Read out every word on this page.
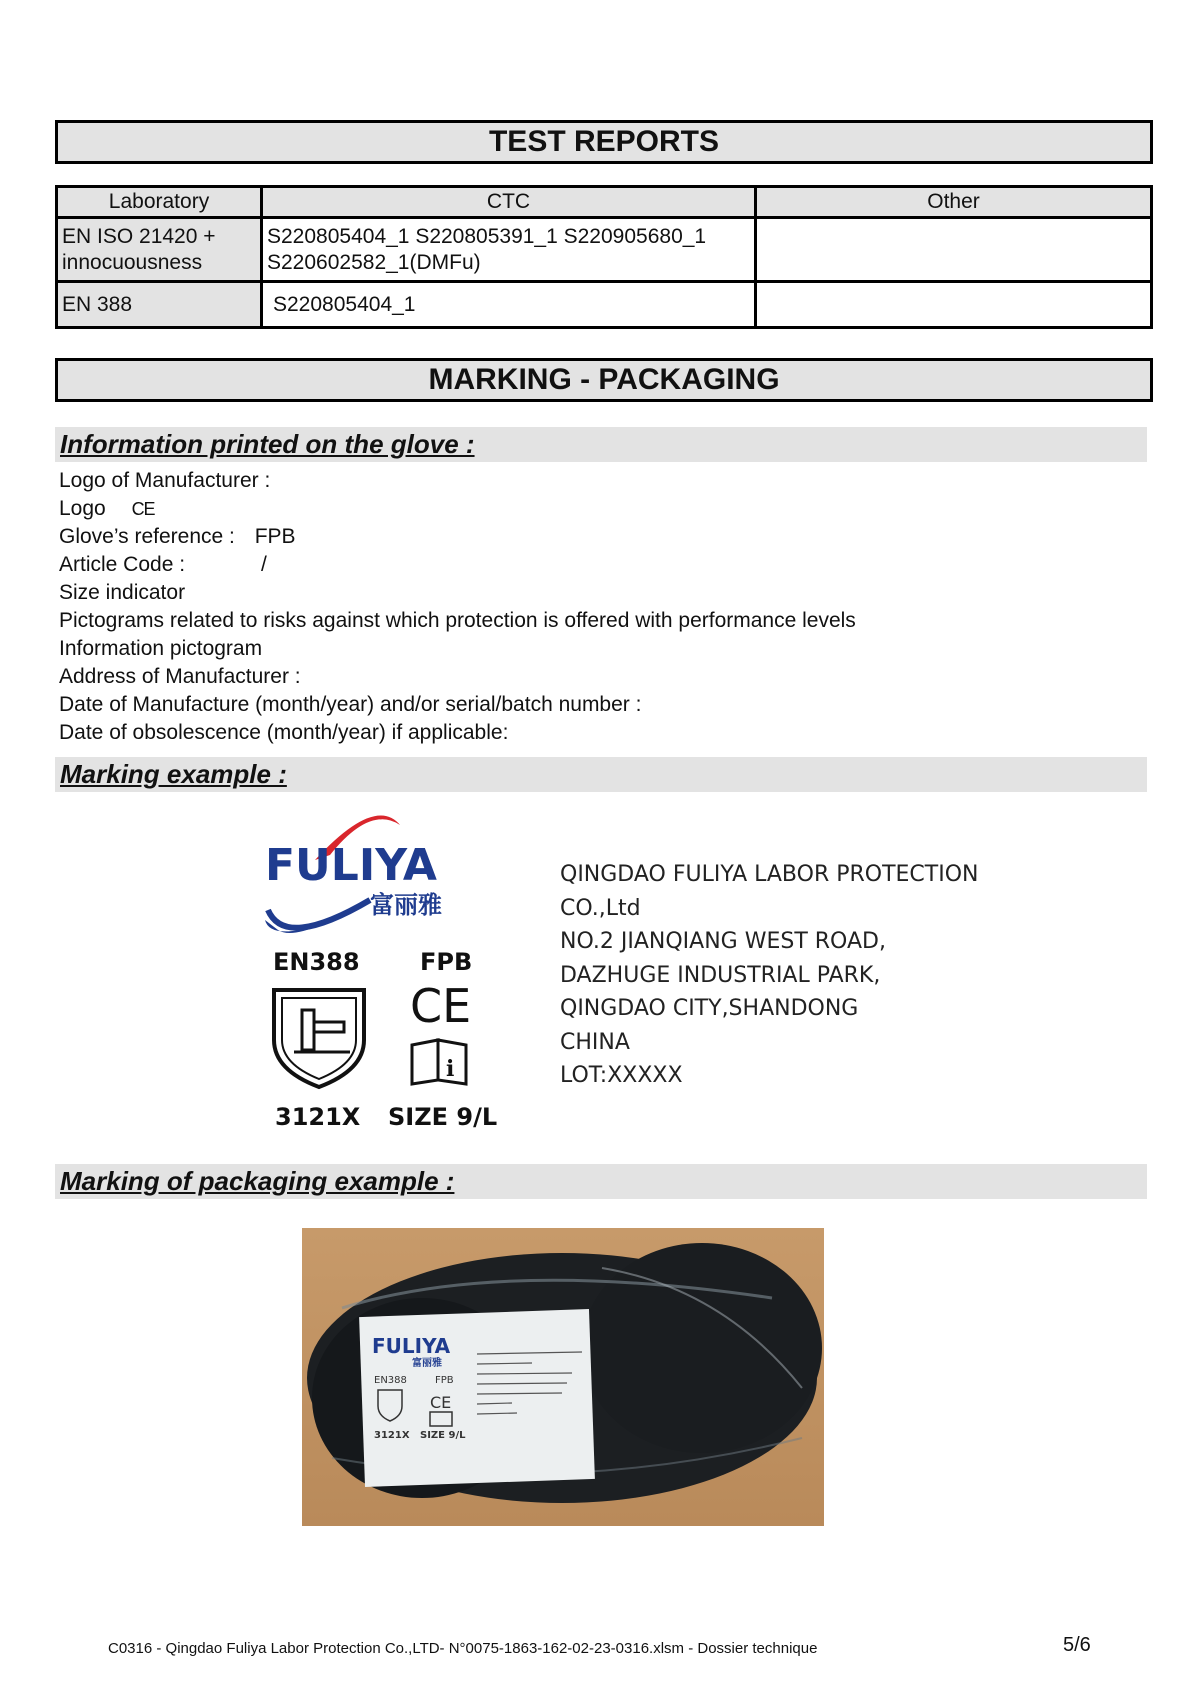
TEST REPORTS
Laboratory	CTC	Other
EN ISO 21420 + innocuousness	S220805404_1 S220805391_1 S220905680_1 S220602582_1(DMFu)	
EN 388	S220805404_1	
MARKING - PACKAGING
Information printed on the glove :
Logo of Manufacturer :
Logo CE
Glove’s reference : FPB
Article Code :	/
Size indicator
Pictograms related to risks against which protection is offered with performance levels
Information pictogram
Address of Manufacturer :
Date of Manufacture (month/year) and/or serial/batch number :
Date of obsolescence (month/year) if applicable:
Marking example :
FULIYA
富丽雅
EN388	FPB
CE
i
3121X SIZE 9/L
QINGDAO FULIYA LABOR PROTECTION
CO.,Ltd
NO.2 JIANQIANG WEST ROAD,
DAZHUGE INDUSTRIAL PARK,
QINGDAO CITY,SHANDONG
CHINA
LOT:XXXXX
Marking of packaging example :
FULIYA
富丽雅
EN388	FPB
CE
3121X SIZE 9/L
C0316 - Qingdao Fuliya Labor Protection Co.,LTD- N°0075-1863-162-02-23-0316.xlsm - Dossier technique	5/6
